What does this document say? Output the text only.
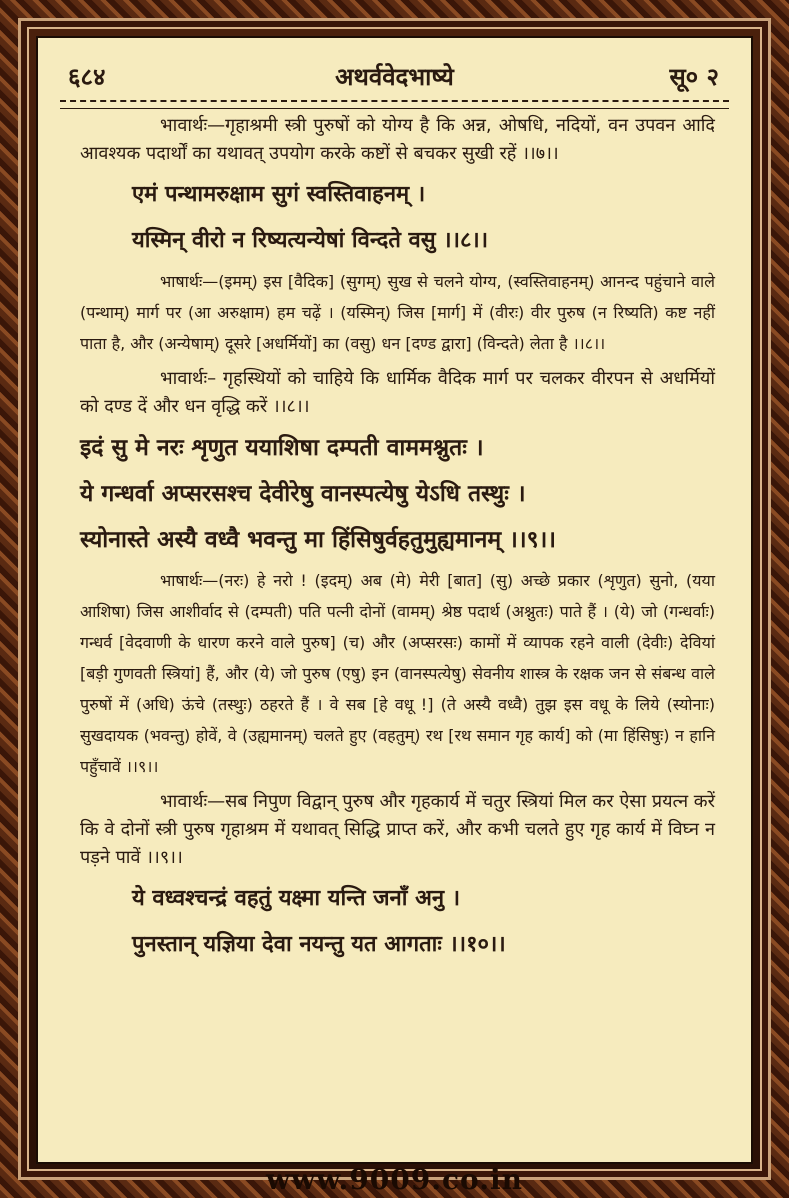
६८४	अथर्ववेदभाष्ये	सू० २

भावार्थः—गृहाश्रमी स्त्री पुरुषों को योग्य है कि अन्न, ओषधि, नदियों, वन उपवन आदि आवश्यक पदार्थों का यथावत् उपयोग करके कष्टों से बचकर सुखी रहें ।।७।।

एमं पन्थामरुक्षाम सुगं स्वस्तिवाहनम् ।

यस्मिन् वीरो न रिष्यत्यन्येषां विन्दते वसु ।।८।।

भाषार्थः—(इमम्) इस [वैदिक] (सुगम्) सुख से चलने योग्य, (स्वस्तिवाहनम्) आनन्द पहुंचाने वाले (पन्थाम्) मार्ग पर (आ अरुक्षाम) हम चढ़ें । (यस्मिन्) जिस [मार्ग] में (वीरः) वीर पुरुष (न रिष्यति) कष्ट नहीं पाता है, और (अन्येषाम्) दूसरे [अधर्मियों] का (वसु) धन [दण्ड द्वारा] (विन्दते) लेता है ।।८।।

भावार्थः– गृहस्थियों को चाहिये कि धार्मिक वैदिक मार्ग पर चलकर वीरपन से अधर्मियों को दण्ड दें और धन वृद्धि करें ।।८।।

इदं सु मे नरः शृणुत ययाशिषा दम्पती वाममश्नुतः ।

ये गन्धर्वा अप्सरसश्च देवीरेषु वानस्पत्येषु येऽधि तस्थुः ।

स्योनास्ते अस्यै वध्वै भवन्तु मा हिंसिषुर्वहतुमुह्यमानम् ।।९।।

भाषार्थः—(नरः) हे नरो ! (इदम्) अब (मे) मेरी [बात] (सु) अच्छे प्रकार (शृणुत) सुनो, (यया आशिषा) जिस आशीर्वाद से (दम्पती) पति पत्नी दोनों (वामम्) श्रेष्ठ पदार्थ (अश्नुतः) पाते हैं । (ये) जो (गन्धर्वाः) गन्धर्व [वेदवाणी के धारण करने वाले पुरुष] (च) और (अप्सरसः) कामों में व्यापक रहने वाली (देवीः) देवियां [बड़ी गुणवती स्त्रियां] हैं, और (ये) जो पुरुष (एषु) इन (वानस्पत्येषु) सेवनीय शास्त्र के रक्षक जन से संबन्ध वाले पुरुषों में (अधि) ऊंचे (तस्थुः) ठहरते हैं । वे सब [हे वधू !] (ते अस्यै वध्वै) तुझ इस वधू के लिये (स्योनाः) सुखदायक (भवन्तु) होवें, वे (उह्यमानम्) चलते हुए (वहतुम्) रथ [रथ समान गृह कार्य] को (मा हिंसिषुः) न हानि पहुँचावें ।।९।।

भावार्थः—सब निपुण विद्वान् पुरुष और गृहकार्य में चतुर स्त्रियां मिल कर ऐसा प्रयत्न करें कि वे दोनों स्त्री पुरुष गृहाश्रम में यथावत् सिद्धि प्राप्त करें, और कभी चलते हुए गृह कार्य में विघ्न न पड़ने पावें ।।९।।

ये वध्वश्चन्द्रं वहतुं यक्ष्मा यन्ति जनाँ अनु ।

पुनस्तान् यज्ञिया देवा नयन्तु यत आगताः ।।१०।।

www.9009.co.in
